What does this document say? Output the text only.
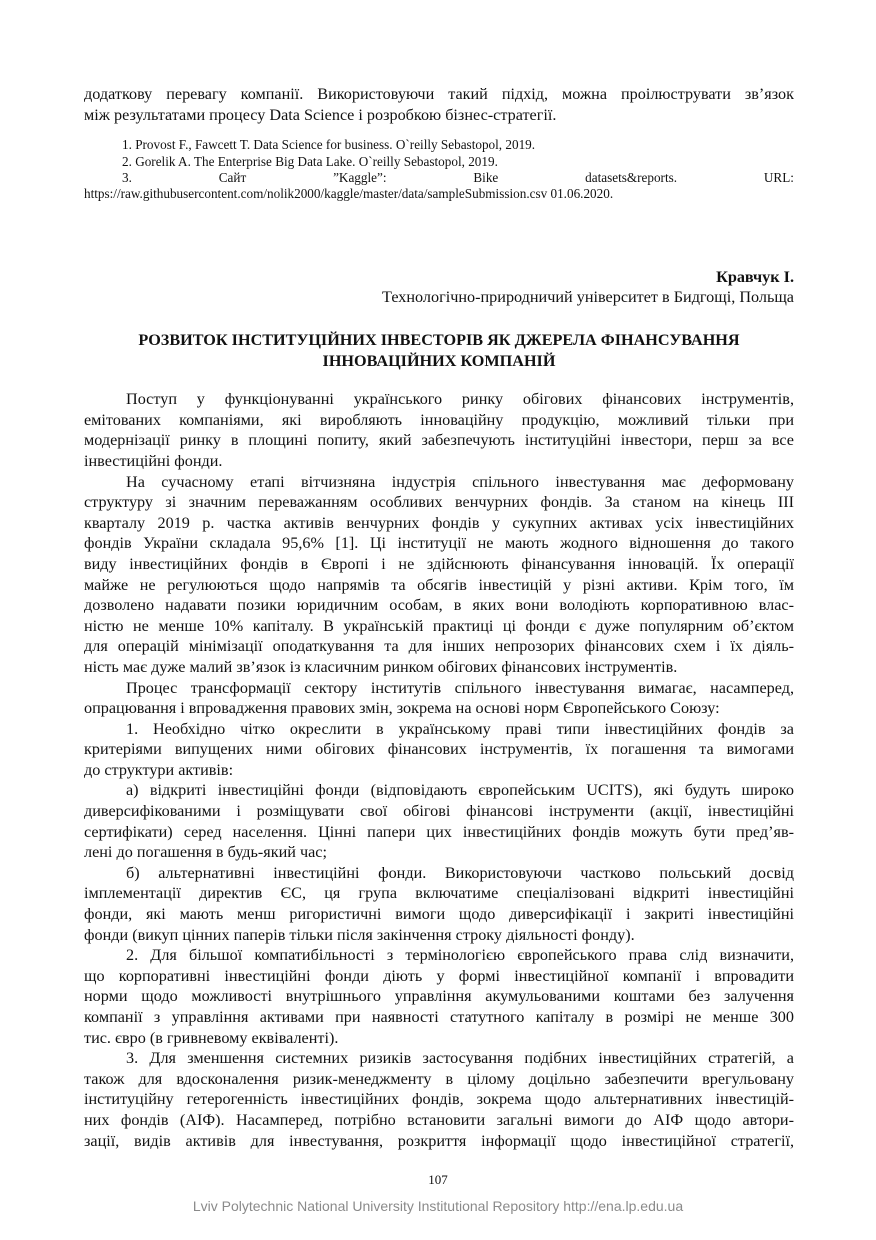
додаткову перевагу компанії. Використовуючи такий підхід, можна проілюструвати зв’язок
між результатами процесу Data Science і розробкою бізнес-стратегії.
1. Provost F., Fawcett T. Data Science for business. O`reilly Sebastopol, 2019.
2. Gorelik A. The Enterprise Big Data Lake. O`reilly Sebastopol, 2019.
3.	Сайт	”Kaggle”:	Bike	datasets&reports.	URL:
https://raw.githubusercontent.com/nolik2000/kaggle/master/data/sampleSubmission.csv 01.06.2020.
Кравчук І.
Технологічно-природничий університет в Бидгощі, Польща
РОЗВИТОК ІНСТИТУЦІЙНИХ ІНВЕСТОРІВ ЯК ДЖЕРЕЛА ФІНАНСУВАННЯ
ІННОВАЦІЙНИХ КОМПАНІЙ
Поступ у функціонуванні українського ринку обігових фінансових інструментів,
емітованих компаніями, які виробляють інноваційну продукцію, можливий тільки при
модернізації ринку в площині попиту, який забезпечують інституційні інвестори, перш за все
інвестиційні фонди.
На сучасному етапі вітчизняна індустрія спільного інвестування має деформовану
структуру зі значним переважанням особливих венчурних фондів. За станом на кінець ІІІ
кварталу 2019 р. частка активів венчурних фондів у сукупних активах усіх інвестиційних
фондів України складала 95,6% [1]. Ці інституції не мають жодного відношення до такого
виду інвестиційних фондів в Європі і не здійснюють фінансування інновацій. Їх операції
майже не регулюються щодо напрямів та обсягів інвестицій у різні активи. Крім того, їм
дозволено надавати позики юридичним особам, в яких вони володіють корпоративною влас-
ністю не менше 10% капіталу. В українській практиці ці фонди є дуже популярним об’єктом
для операцій мінімізації оподаткування та для інших непрозорих фінансових схем і їх діяль-
ність має дуже малий зв’язок із класичним ринком обігових фінансових інструментів.
Процес трансформації сектору інститутів спільного інвестування вимагає, насамперед,
опрацювання і впровадження правових змін, зокрема на основі норм Європейського Союзу:
1. Необхідно чітко окреслити в українському праві типи інвестиційних фондів за
критеріями випущених ними обігових фінансових інструментів, їх погашення та вимогами
до структури активів:
а) відкриті інвестиційні фонди (відповідають європейським UCITS), які будуть широко
диверсифікованими і розміщувати свої обігові фінансові інструменти (акції, інвестиційні
сертифікати) серед населення. Цінні папери цих інвестиційних фондів можуть бути пред’яв-
лені до погашення в будь-який час;
б) альтернативні інвестиційні фонди. Використовуючи частково польський досвід
імплементації директив ЄС, ця група включатиме спеціалізовані відкриті інвестиційні
фонди, які мають менш ригористичні вимоги щодо диверсифікації і закриті інвестиційні
фонди (викуп цінних паперів тільки після закінчення строку діяльності фонду).
2. Для більшої компатибільності з термінологією європейського права слід визначити,
що корпоративні інвестиційні фонди діють у формі інвестиційної компанії і впровадити
норми щодо можливості внутрішнього управління акумульованими коштами без залучення
компанії з управління активами при наявності статутного капіталу в розмірі не менше 300
тис. євро (в гривневому еквіваленті).
3. Для зменшення системних ризиків застосування подібних інвестиційних стратегій, а
також для вдосконалення ризик-менеджменту в цілому доцільно забезпечити врегульовану
інституційну гетерогенність інвестиційних фондів, зокрема щодо альтернативних інвестицій-
них фондів (АІФ). Насамперед, потрібно встановити загальні вимоги до АІФ щодо автори-
зації, видів активів для інвестування, розкриття інформації щодо інвестиційної стратегії,
107
Lviv Polytechnic National University Institutional Repository http://ena.lp.edu.ua
